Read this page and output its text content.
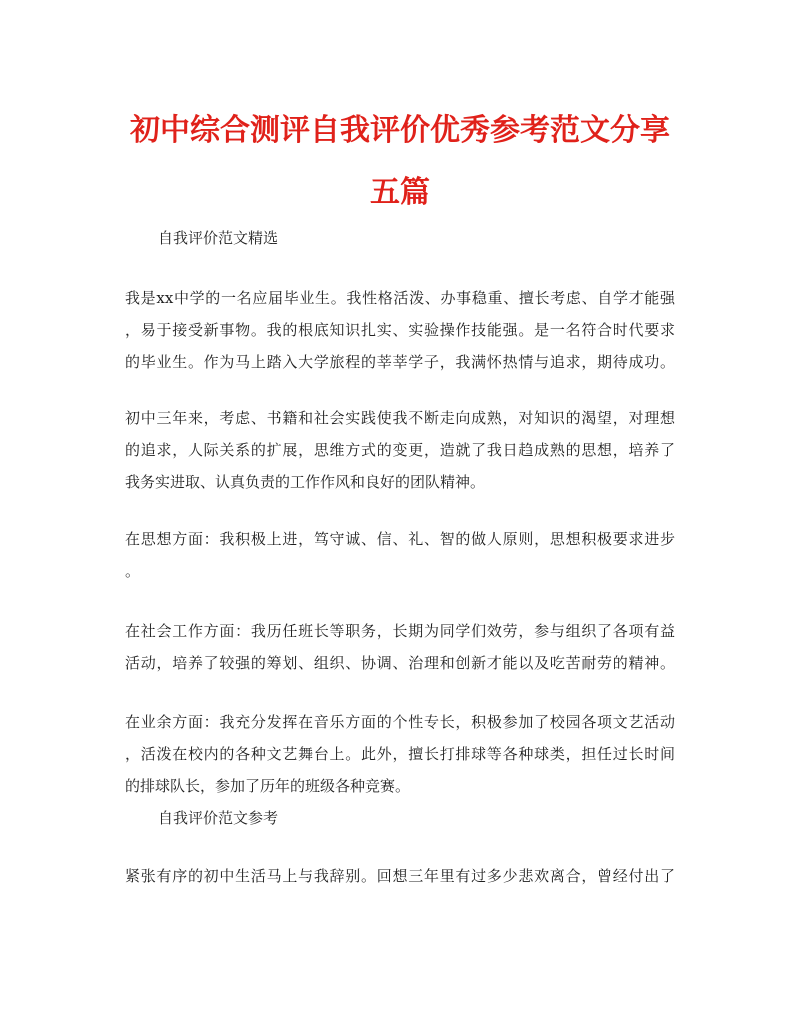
初中综合测评自我评价优秀参考范文分享
五篇
自我评价范文精选
我是xx中学的一名应届毕业生。我性格活泼、办事稳重、擅长考虑、自学才能强
，易于接受新事物。我的根底知识扎实、实验操作技能强。是一名符合时代要求
的毕业生。作为马上踏入大学旅程的莘莘学子，我满怀热情与追求，期待成功。
初中三年来，考虑、书籍和社会实践使我不断走向成熟，对知识的渴望，对理想
的追求，人际关系的扩展，思维方式的变更，造就了我日趋成熟的思想，培养了
我务实进取、认真负责的工作作风和良好的团队精神。
在思想方面：我积极上进，笃守诚、信、礼、智的做人原则，思想积极要求进步
。
在社会工作方面：我历任班长等职务，长期为同学们效劳，参与组织了各项有益
活动，培养了较强的筹划、组织、协调、治理和创新才能以及吃苦耐劳的精神。
在业余方面：我充分发挥在音乐方面的个性专长，积极参加了校园各项文艺活动
，活泼在校内的各种文艺舞台上。此外，擅长打排球等各种球类，担任过长时间
的排球队长，参加了历年的班级各种竞赛。
自我评价范文参考
紧张有序的初中生活马上与我辞别。回想三年里有过多少悲欢离合，曾经付出了
